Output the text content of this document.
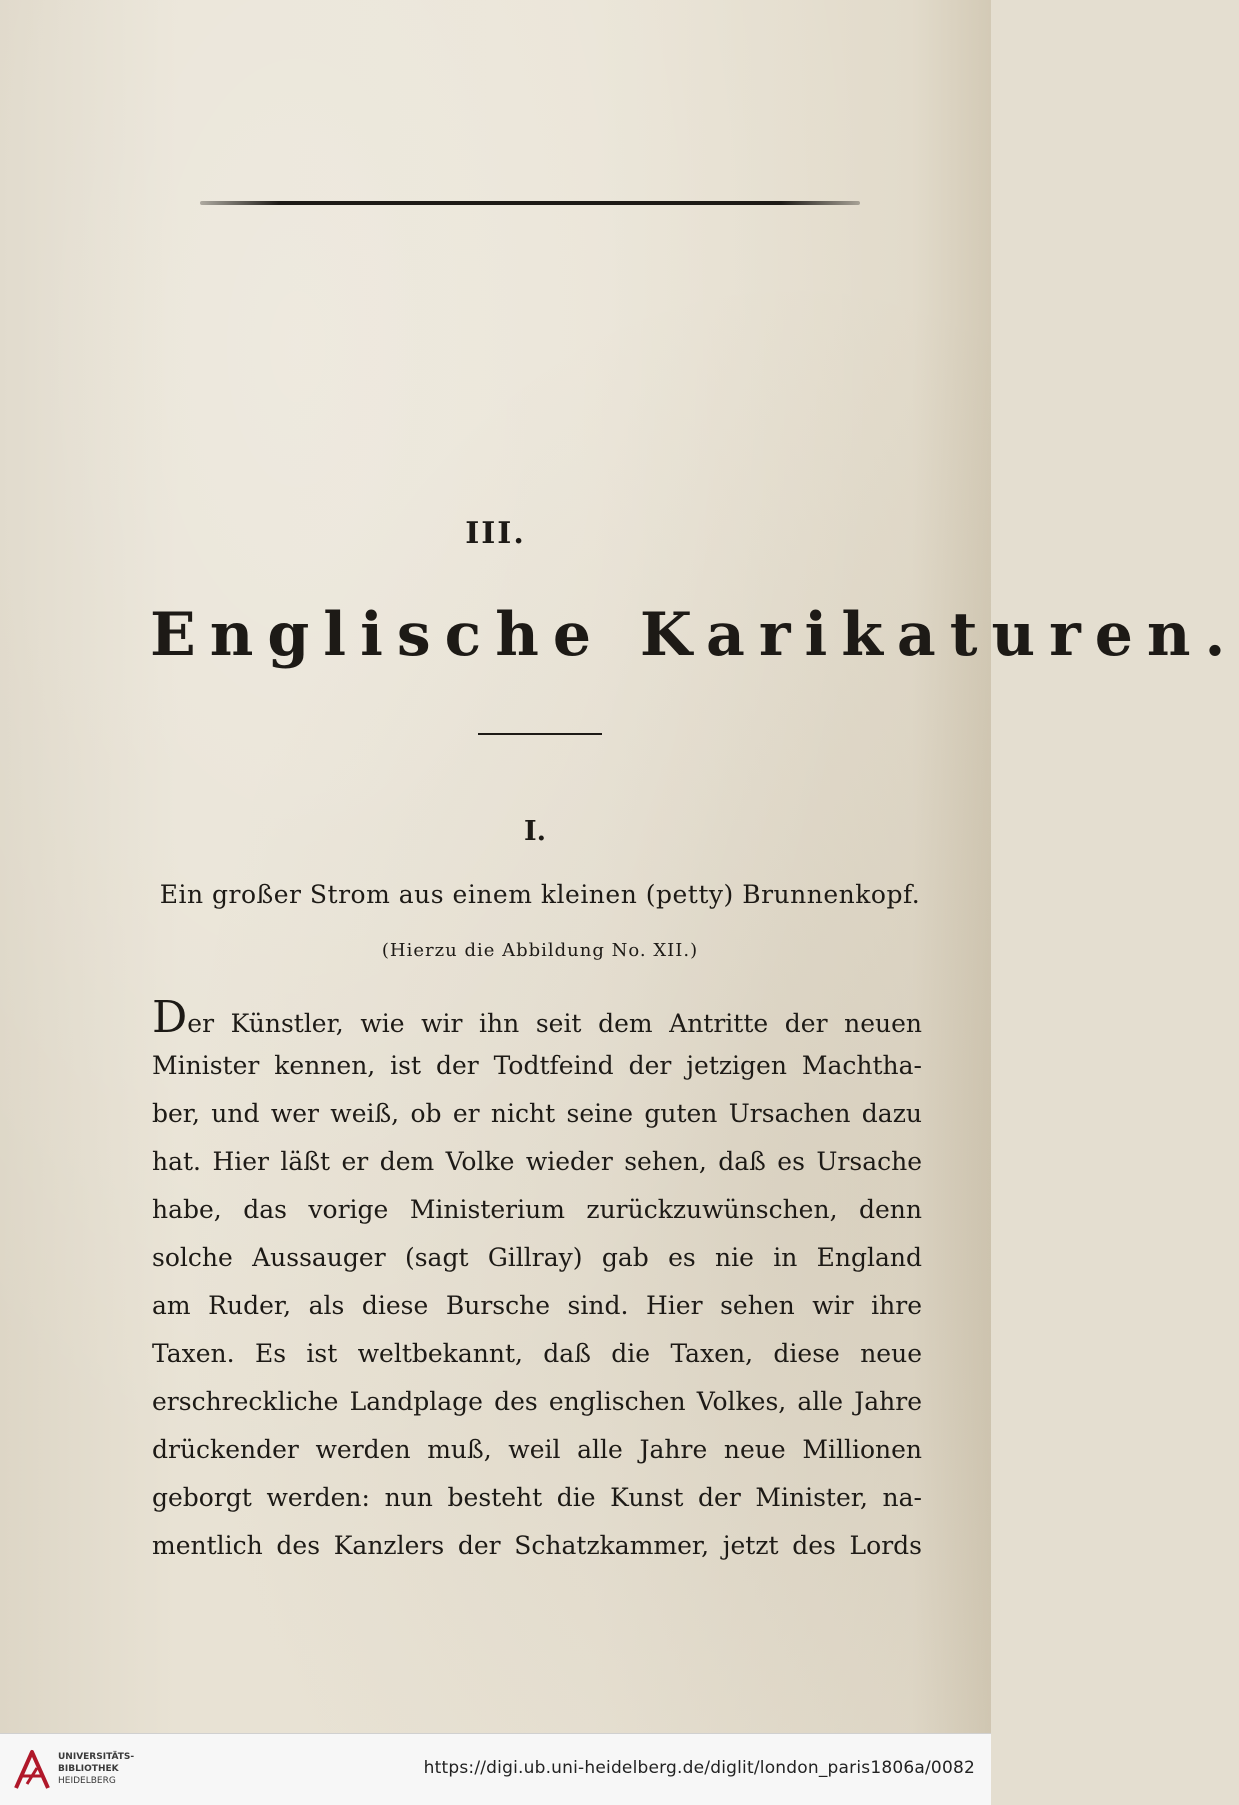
III.
Englische Karikaturen.
I.
Ein großer Strom aus einem kleinen (petty) Brunnenkopf.
(Hierzu die Abbildung No. XII.)
Der Künstler, wie wir ihn seit dem Antritte der neuen
Minister kennen, ist der Todtfeind der jetzigen Machtha-
ber, und wer weiß, ob er nicht seine guten Ursachen dazu
hat. Hier läßt er dem Volke wieder sehen, daß es Ursache
habe, das vorige Ministerium zurückzuwünschen, denn
solche Aussauger (sagt Gillray) gab es nie in England
am Ruder, als diese Bursche sind. Hier sehen wir ihre
Taxen. Es ist weltbekannt, daß die Taxen, diese neue
erschreckliche Landplage des englischen Volkes, alle Jahre
drückender werden muß, weil alle Jahre neue Millionen
geborgt werden: nun besteht die Kunst der Minister, na-
mentlich des Kanzlers der Schatzkammer, jetzt des Lords
UNIVERSITÄTS-
BIBLIOTHEK
HEIDELBERG
https://digi.ub.uni-heidelberg.de/diglit/london_paris1806a/0082
